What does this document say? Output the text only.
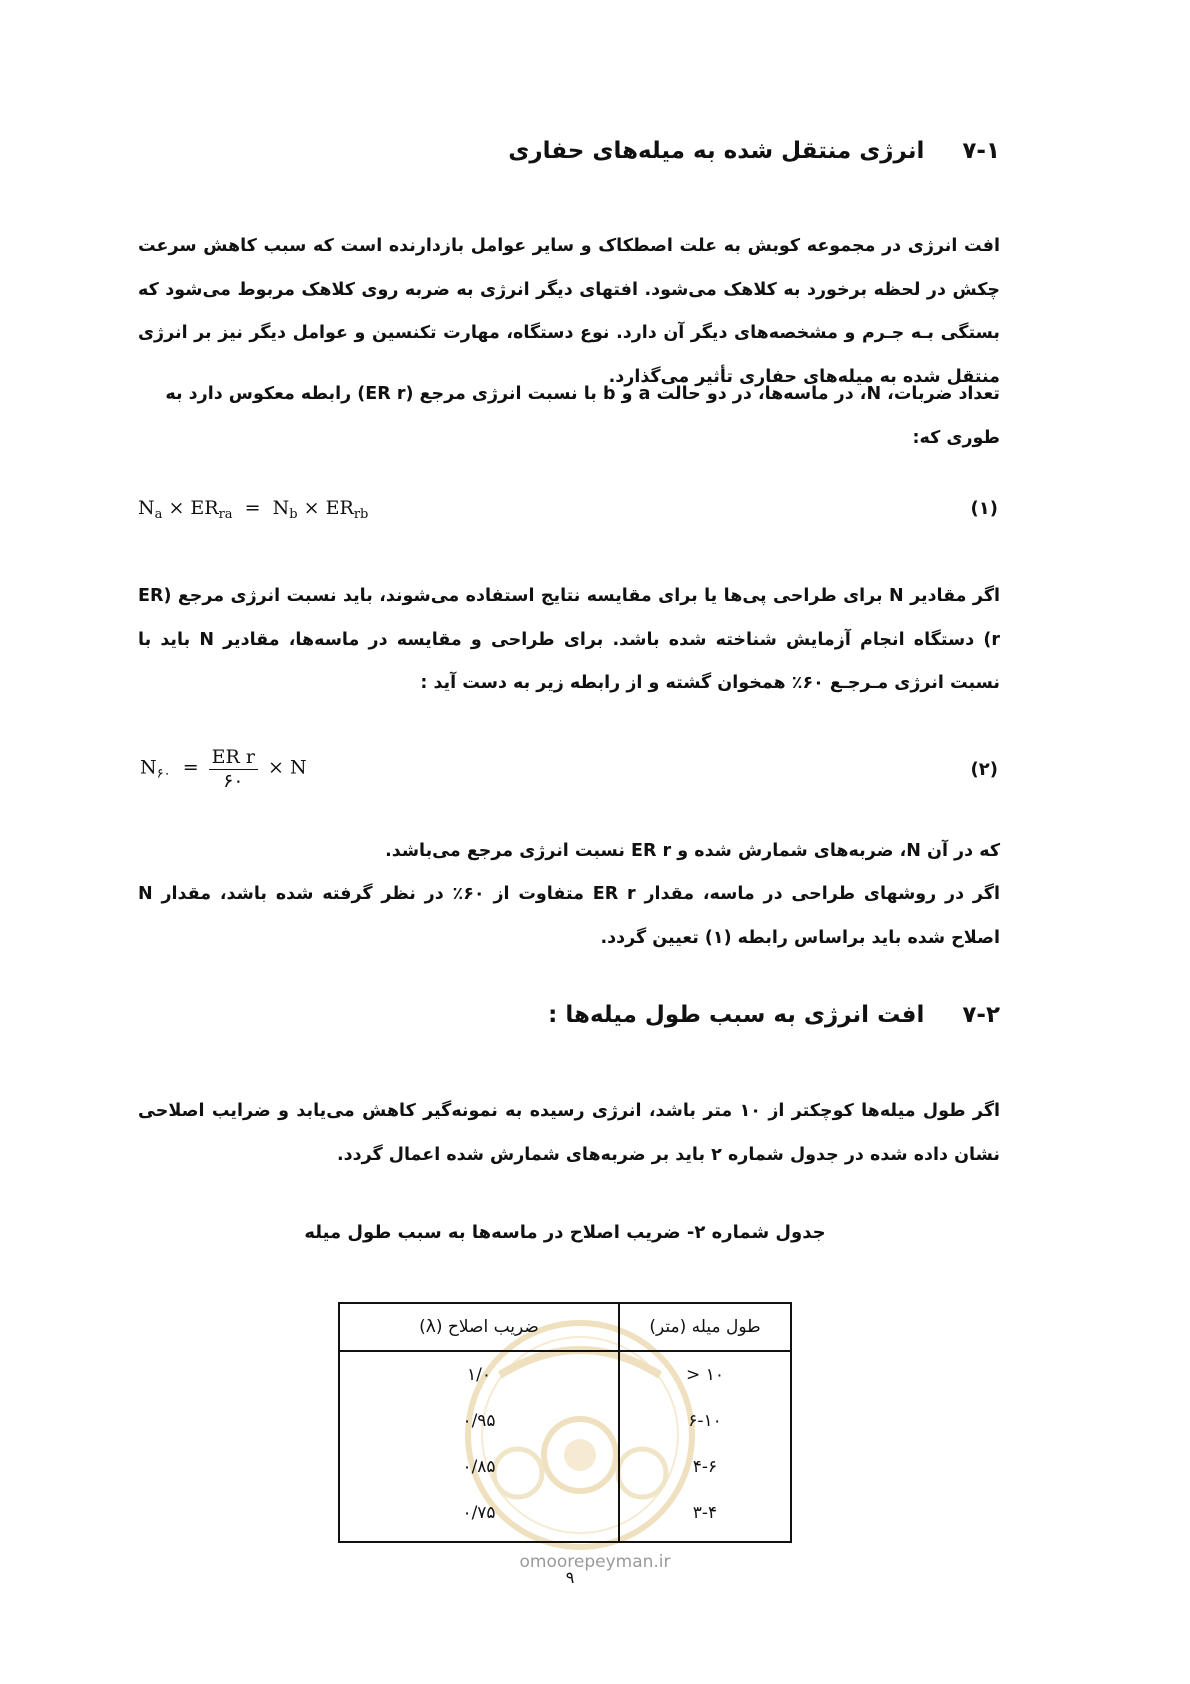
۷-۱
انرژی منتقل شده به میله‌های حفاری
افت انرژی در مجموعه کوبش به علت اصطکاک و سایر عوامل بازدارنده است که سبب کاهش سرعت چکش در لحظه برخورد به کلاهک می‌شود. افتهای دیگر انرژی به ضربه روی کلاهک مربوط می‌شود که بستگی بـه جـرم و مشخصه‌های دیگر آن دارد. نوع دستگاه، مهارت تکنسین و عوامل دیگر نیز بر انرژی منتقل شده به میله‌های حفاری تأثیر می‌گذارد.
تعداد ضربات، N، در ماسه‌ها، در دو حالت a و b با نسبت انرژی مرجع (ER r) رابطه معکوس دارد به طوری که:
$N_a \times ER_{ra} = N_b \times ER_{rb}$	(۱)
اگر مقادیر N برای طراحی پی‌ها یا برای مقایسه نتایج استفاده می‌شوند، باید نسبت انرژی مرجع (ER r) دستگاه انجام آزمایش شناخته شده باشد. برای طراحی و مقایسه در ماسه‌ها، مقادیر N باید با نسبت انرژی مـرجـع ۶۰٪ همخوان گشته و از رابطه زیر به دست آید :
$N_{۶۰} = \frac{\text{ER r}}{۶۰} \times N$	(۲)
که در آن N، ضربه‌های شمارش شده و ER r نسبت انرژی مرجع می‌باشد.
اگر در روشهای طراحی در ماسه، مقدار ER r متفاوت از ۶۰٪ در نظر گرفته شده باشد، مقدار N اصلاح شده باید براساس رابطه (۱) تعیین گردد.
۷-۲
افت انرژی به سبب طول میله‌ها :
اگر طول میله‌ها کوچکتر از ۱۰ متر باشد، انرژی رسیده به نمونه‌گیر کاهش می‌یابد و ضرایب اصلاحی نشان داده شده در جدول شماره ۲ باید بر ضربه‌های شمارش شده اعمال گردد.
جدول شماره ۲- ضریب اصلاح در ماسه‌ها به سبب طول میله
طول میله (متر)	ضریب اصلاح (λ)
۱۰ <	۱/۰
۶-۱۰	۰/۹۵
۴-۶	۰/۸۵
۳-۴	۰/۷۵
omoorepeyman.ir
۹
